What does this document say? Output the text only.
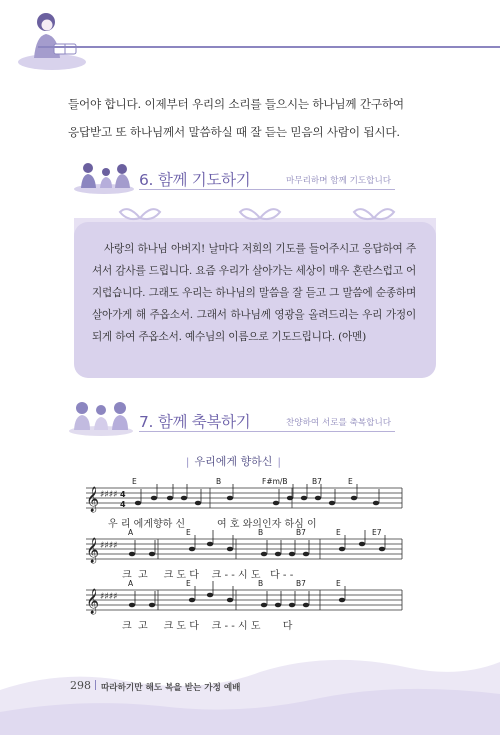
들어야 합니다. 이제부터 우리의 소리를 들으시는 하나님께 간구하여
응답받고 또 하나님께서 말씀하실 때 잘 듣는 믿음의 사람이 됩시다.
6. 함께 기도하기	마무리하며 함께 기도합니다
사랑의 하나님 아버지! 날마다 저희의 기도를 들어주시고 응답하여 주셔서 감사를 드립니다. 요즘 우리가 살아가는 세상이 매우 혼란스럽고 어지럽습니다. 그래도 우리는 하나님의 말씀을 잘 듣고 그 말씀에 순종하며 살아가게 해 주옵소서. 그래서 하나님께 영광을 올려드리는 우리 가정이 되게 하여 주옵소서. 예수님의 이름으로 기도드립니다. (아멘)
7. 함께 축복하기	찬양하여 서로를 축복합니다
| 우리에게 향하신 |
𝄞 ♯♯♯♯ 4
4
E	B	F#m/B	B7	E
𝄞 ♯♯♯♯
A	E	B	B7	E	E7
𝄞 ♯♯♯♯
A	E	B	B7	E
우 리 에게향하 신          여 호 와의인자 하심 이
크  고     크 도 다    크 - - 시 도   다 - -
크  고     크 도 다    크 - - 시 도       다
298 따라하기만 해도 복을 받는 가정 예배
